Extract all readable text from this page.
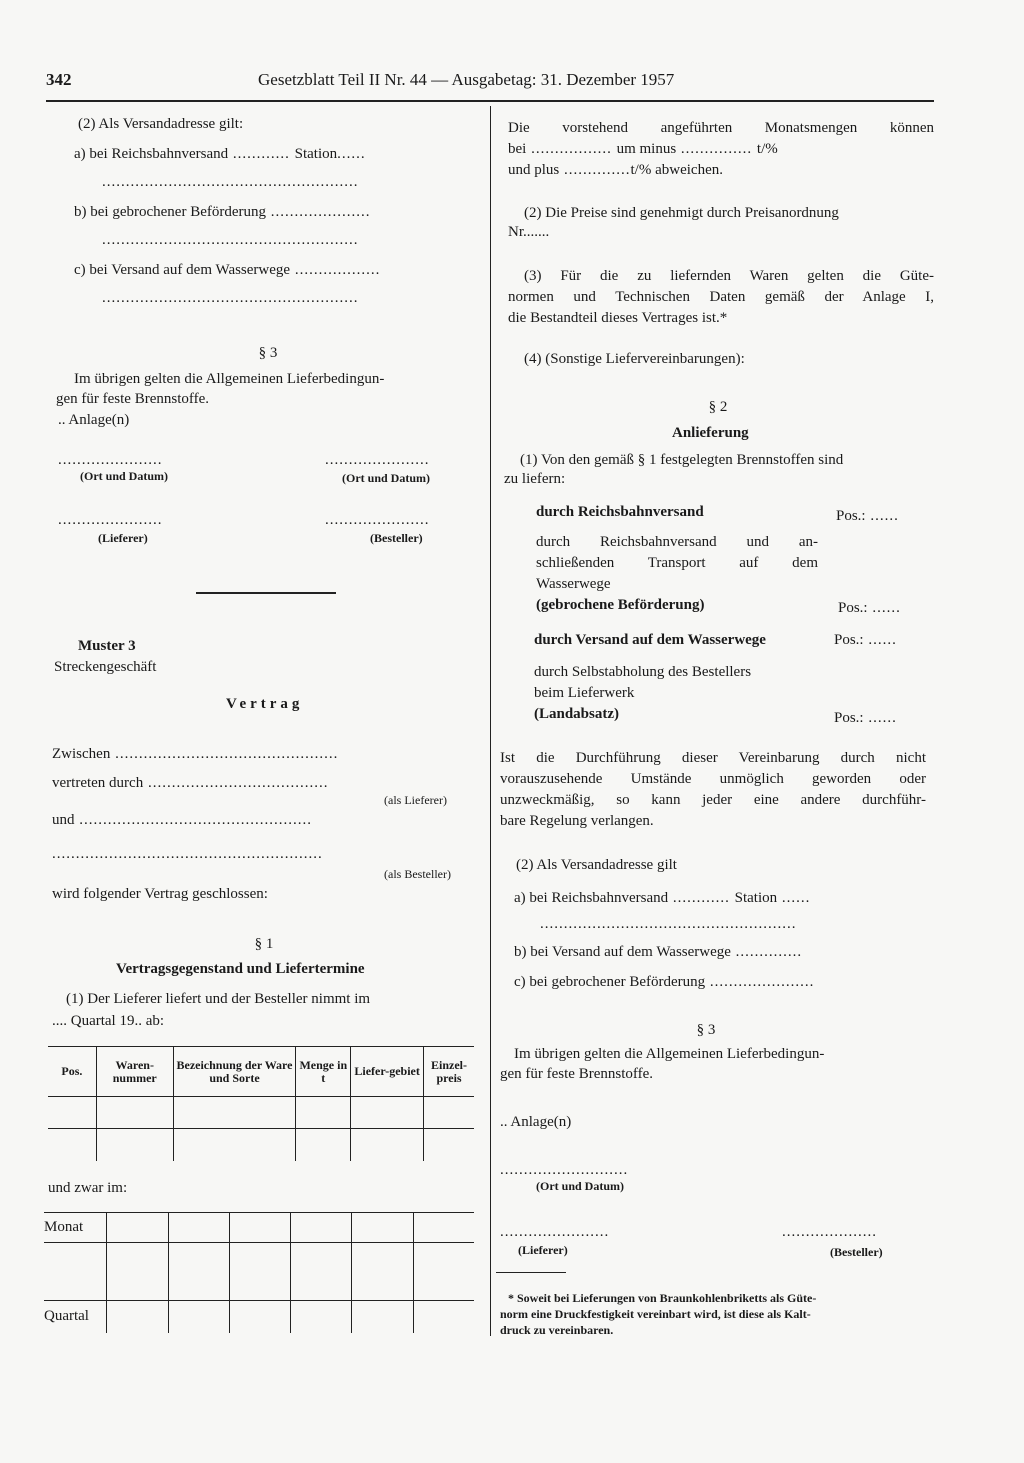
342	Gesetzblatt Teil II Nr. 44 — Ausgabetag: 31. Dezember 1957
(2) Als Versandadresse gilt:
a) bei Reichsbahnversand ............ Station......
......................................................
b) bei gebrochener Beförderung .....................
......................................................
c) bei Versand auf dem Wasserwege ..................
......................................................
§ 3
Im übrigen gelten die Allgemeinen Lieferbedingun-
gen für feste Brennstoffe.
.. Anlage(n)
......................	......................
(Ort und Datum)	(Ort und Datum)
......................	......................
(Lieferer)	(Besteller)
Muster 3
Streckengeschäft
Vertrag
Zwischen ...............................................
vertreten durch ......................................
(als Lieferer)
und .................................................
.........................................................
(als Besteller)
wird folgender Vertrag geschlossen:
§ 1
Vertragsgegenstand und Liefertermine
(1) Der Lieferer liefert und der Besteller nimmt im
.... Quartal 19.. ab:
Pos.	Waren-nummer	Bezeichnung der Ware und Sorte	Menge in t	Liefer-gebiet	Einzel-preis

und zwar im:
Monat						

Quartal						
Die vorstehend angeführten Monatsmengen können
bei ................. um minus ............... t/%
und plus ..............t/% abweichen.
(2) Die Preise sind genehmigt durch Preisanordnung
Nr.......
(3) Für die zu liefernden Waren gelten die Güte-
normen und Technischen Daten gemäß der Anlage I,
die Bestandteil dieses Vertrages ist.*
(4) (Sonstige Liefervereinbarungen):
§ 2
Anlieferung
(1) Von den gemäß § 1 festgelegten Brennstoffen sind
zu liefern:
durch Reichsbahnversand	Pos.: ......
durch Reichsbahnversand und an-
schließenden Transport auf dem
Wasserwege
(gebrochene Beförderung)	Pos.: ......
durch Versand auf dem Wasserwege	Pos.: ......
durch Selbstabholung des Bestellers
beim Lieferwerk
(Landabsatz)	Pos.: ......
Ist die Durchführung dieser Vereinbarung durch nicht
vorauszusehende Umstände unmöglich geworden oder
unzweckmäßig, so kann jeder eine andere durchführ-
bare Regelung verlangen.
(2) Als Versandadresse gilt
a) bei Reichsbahnversand ............ Station ......
......................................................
b) bei Versand auf dem Wasserwege ..............
c) bei gebrochener Beförderung ......................
§ 3
Im übrigen gelten die Allgemeinen Lieferbedingun-
gen für feste Brennstoffe.
.. Anlage(n)
...........................
(Ort und Datum)
.......................	....................
(Lieferer)	(Besteller)
* Soweit bei Lieferungen von Braunkohlenbriketts als Güte-
norm eine Druckfestigkeit vereinbart wird, ist diese als Kalt-
druck zu vereinbaren.
